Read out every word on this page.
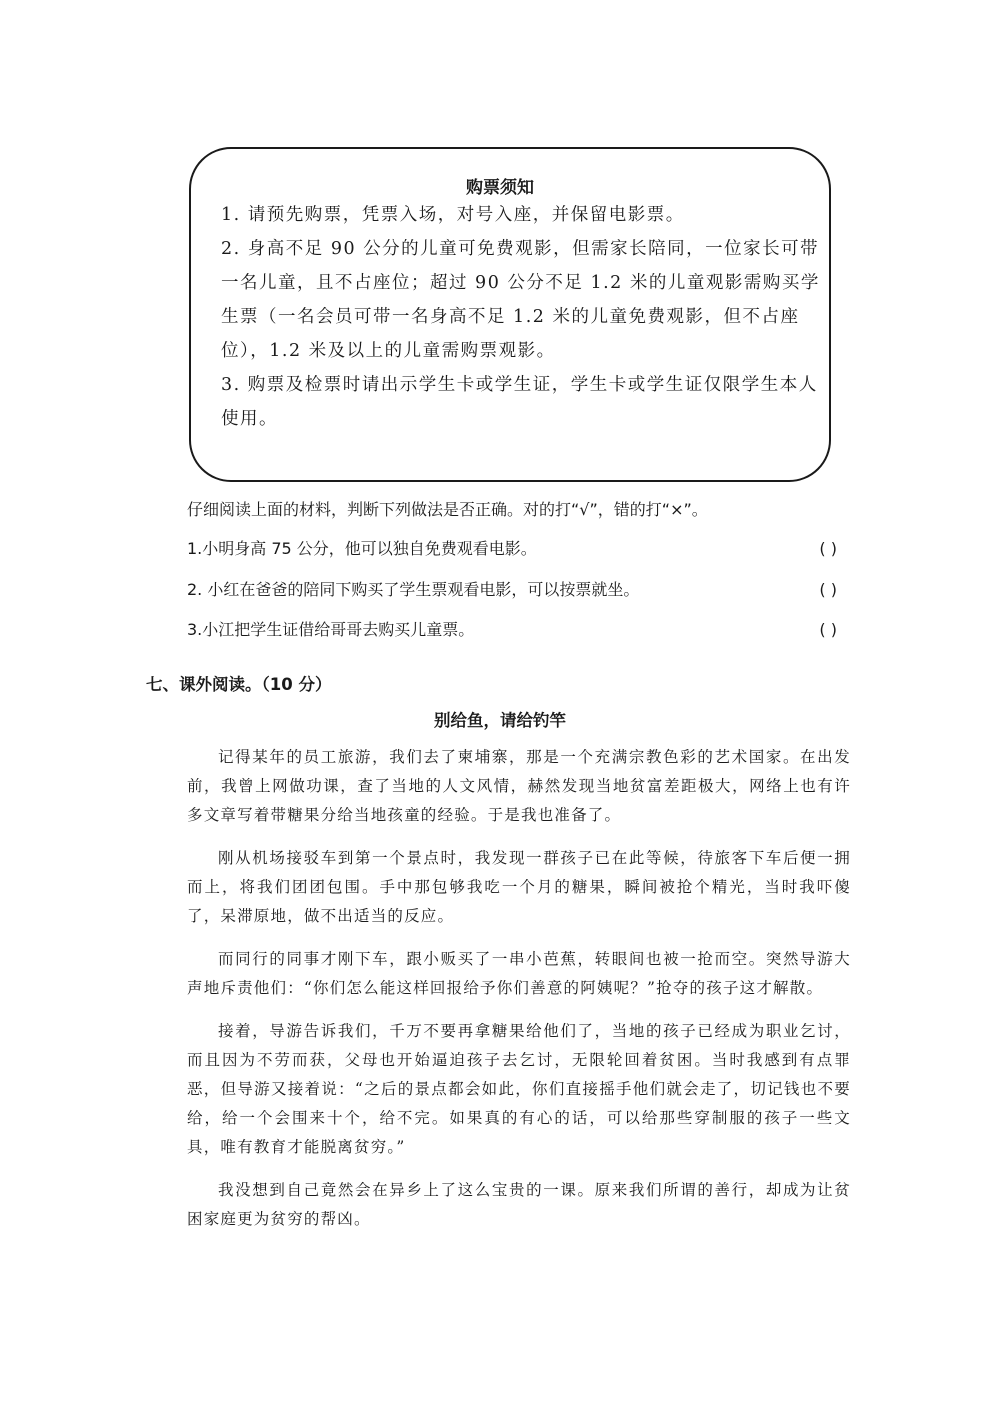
购票须知

1. 请预先购票，凭票入场，对号入座，并保留电影票。

2. 身高不足 90 公分的儿童可免费观影，但需家长陪同，一位家长可带一名儿童，且不占座位；超过 90 公分不足 1.2 米的儿童观影需购买学生票（一名会员可带一名身高不足 1.2 米的儿童免费观影，但不占座位），1.2 米及以上的儿童需购票观影。

3. 购票及检票时请出示学生卡或学生证，学生卡或学生证仅限学生本人使用。

仔细阅读上面的材料，判断下列做法是否正确。对的打“√”，错的打“×”。
1.小明身高 75 公分，他可以独自免费观看电影。	( )
2. 小红在爸爸的陪同下购买了学生票观看电影，可以按票就坐。	( )
3.小江把学生证借给哥哥去购买儿童票。	( )
七、课外阅读。（10 分）
别给鱼，请给钓竿

记得某年的员工旅游，我们去了柬埔寨，那是一个充满宗教色彩的艺术国家。在出发前，我曾上网做功课，查了当地的人文风情，赫然发现当地贫富差距极大，网络上也有许多文章写着带糖果分给当地孩童的经验。于是我也准备了。

刚从机场接驳车到第一个景点时，我发现一群孩子已在此等候，待旅客下车后便一拥而上，将我们团团包围。手中那包够我吃一个月的糖果，瞬间被抢个精光，当时我吓傻了，呆滞原地，做不出适当的反应。

而同行的同事才刚下车，跟小贩买了一串小芭蕉，转眼间也被一抢而空。突然导游大声地斥责他们：“你们怎么能这样回报给予你们善意的阿姨呢？”抢夺的孩子这才解散。

接着，导游告诉我们，千万不要再拿糖果给他们了，当地的孩子已经成为职业乞讨，而且因为不劳而获，父母也开始逼迫孩子去乞讨，无限轮回着贫困。当时我感到有点罪恶，但导游又接着说：“之后的景点都会如此，你们直接摇手他们就会走了，切记钱也不要给，给一个会围来十个，给不完。如果真的有心的话，可以给那些穿制服的孩子一些文具，唯有教育才能脱离贫穷。”

我没想到自己竟然会在异乡上了这么宝贵的一课。原来我们所谓的善行，却成为让贫困家庭更为贫穷的帮凶。
